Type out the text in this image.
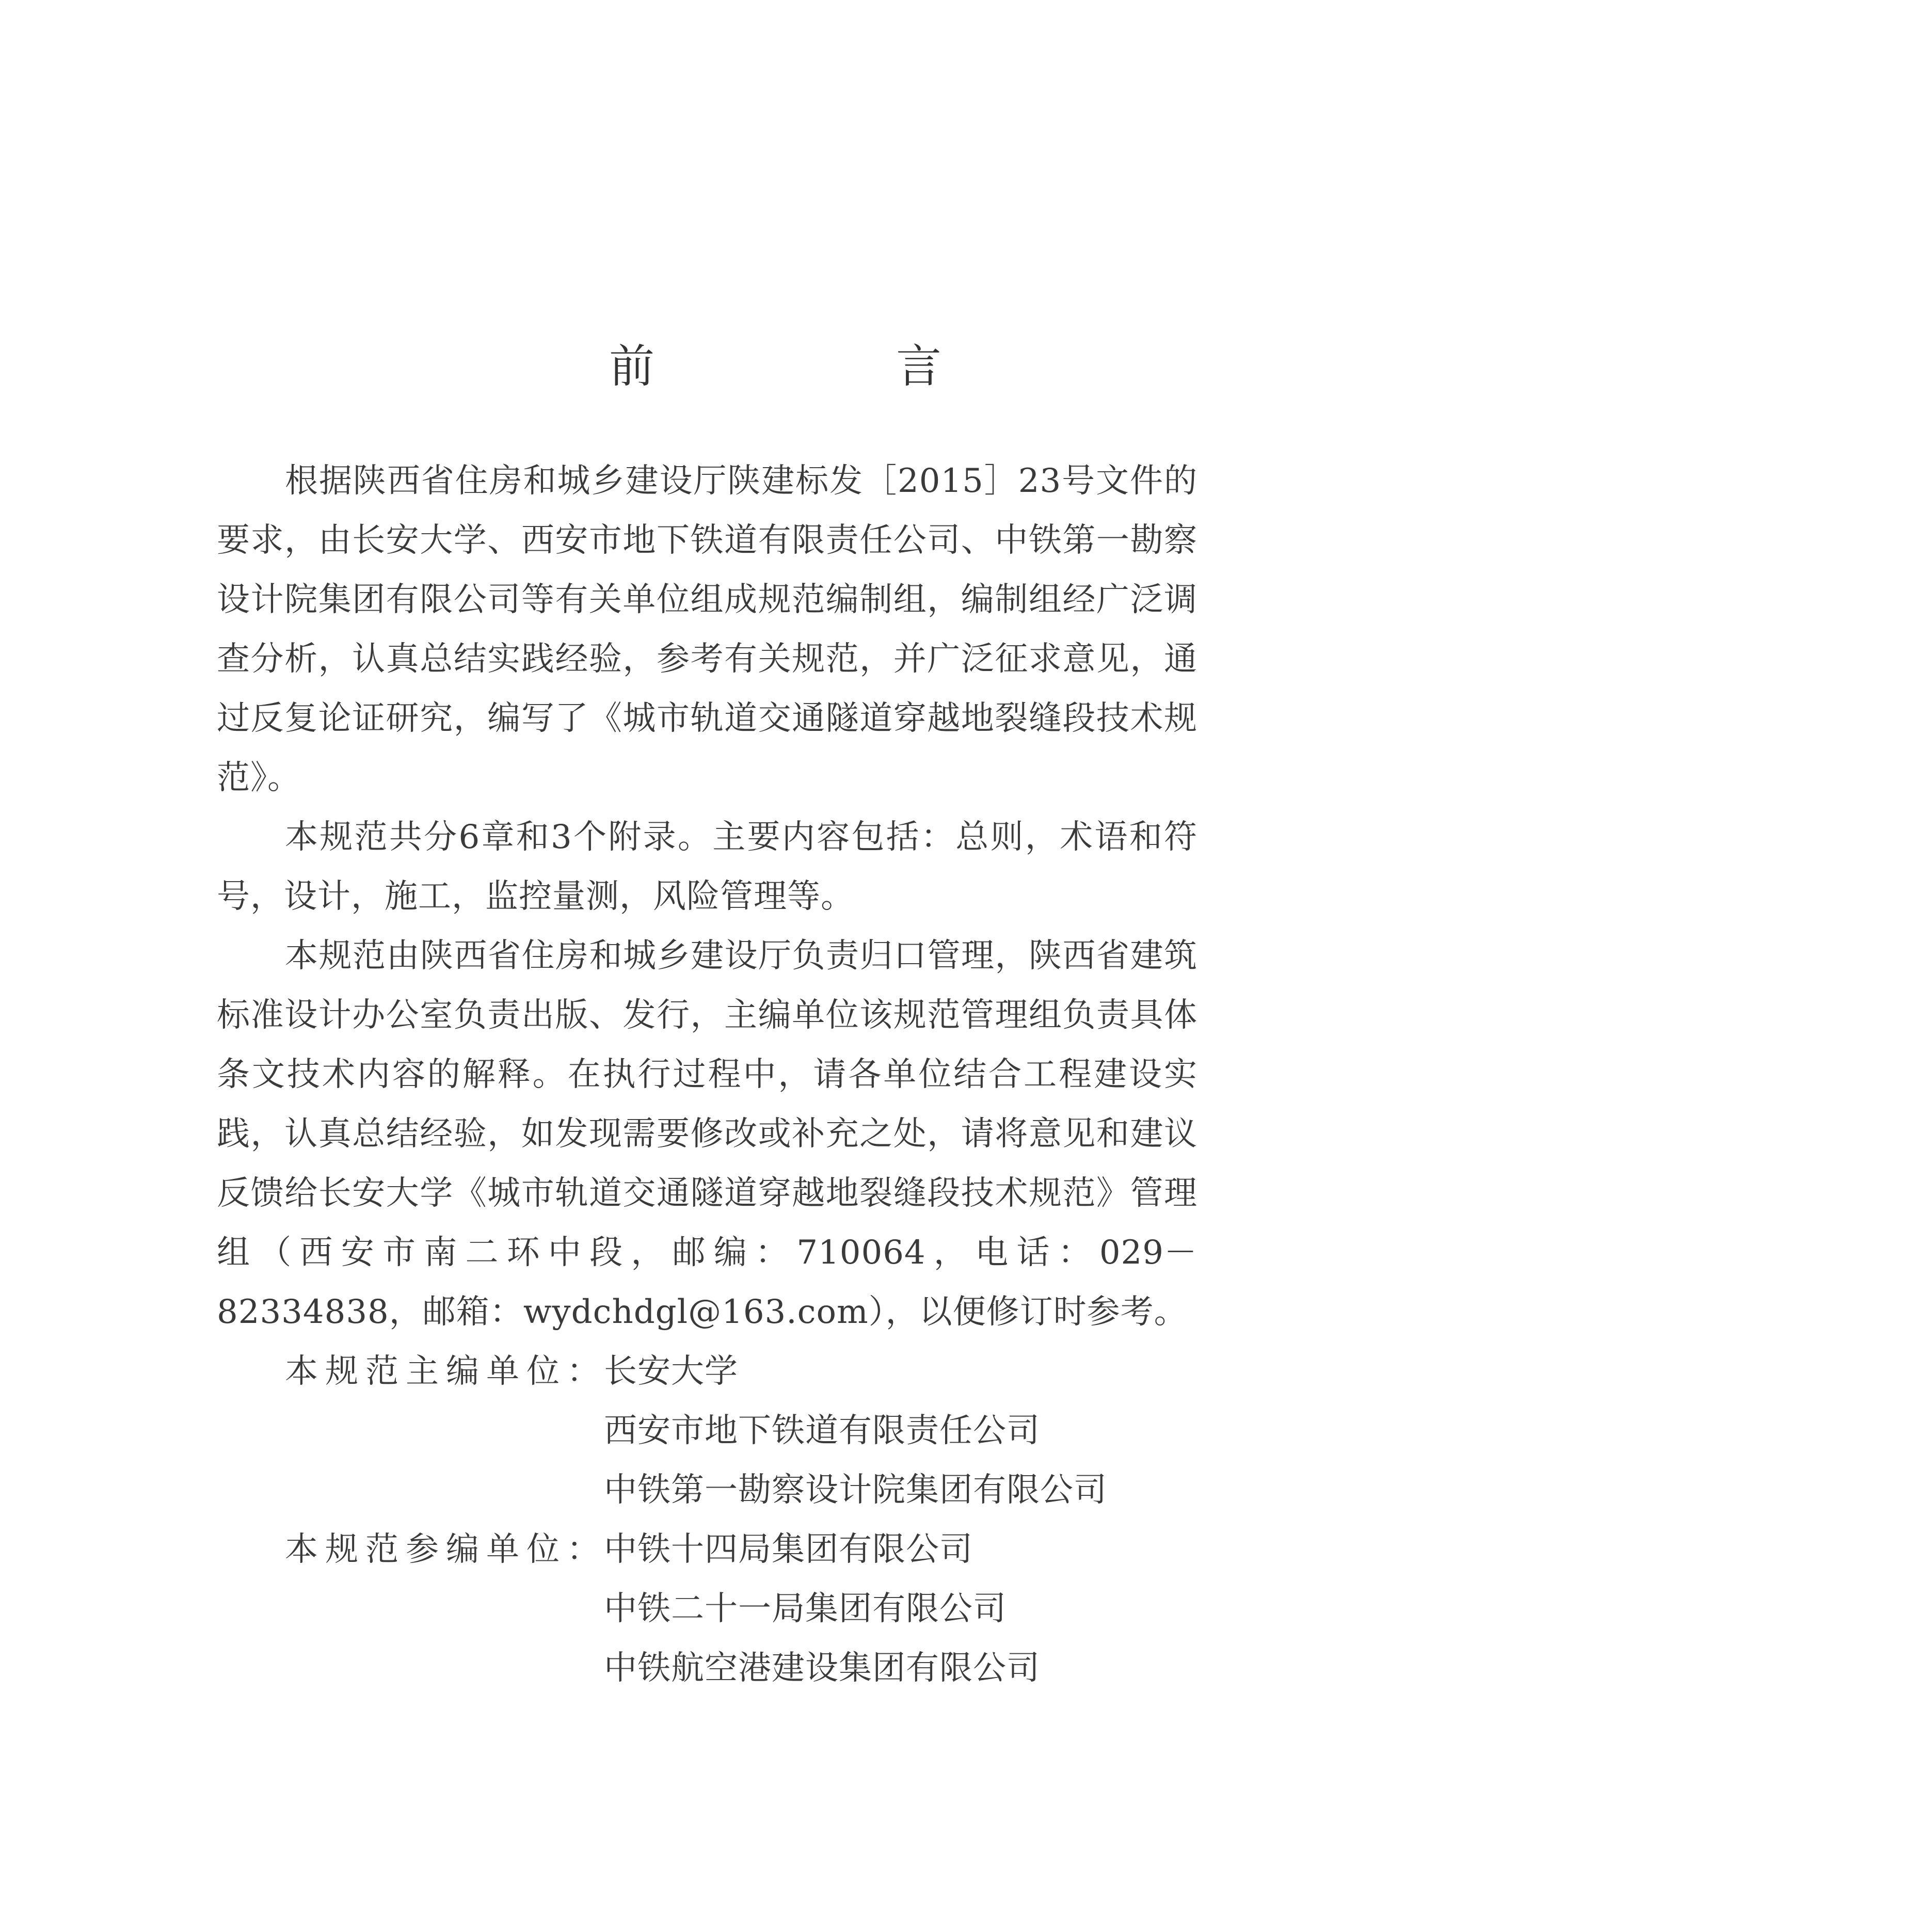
前　言

根据陕西省住房和城乡建设厅陕建标发［2015］23号文件的要求，由长安大学、西安市地下铁道有限责任公司、中铁第一勘察设计院集团有限公司等有关单位组成规范编制组，编制组经广泛调查分析，认真总结实践经验，参考有关规范，并广泛征求意见，通过反复论证研究，编写了《城市轨道交通隧道穿越地裂缝段技术规范》。

本规范共分6章和3个附录。主要内容包括：总则，术语和符号，设计，施工，监控量测，风险管理等。

本规范由陕西省住房和城乡建设厅负责归口管理，陕西省建筑标准设计办公室负责出版、发行，主编单位该规范管理组负责具体条文技术内容的解释。在执行过程中，请各单位结合工程建设实践，认真总结经验，如发现需要修改或补充之处，请将意见和建议反馈给长安大学《城市轨道交通隧道穿越地裂缝段技术规范》管理组（西安市南二环中段，邮编：710064，电话：029－82334838，邮箱：wydchdgl@163.com），以便修订时参考。

本规范主编单位：
长安大学
西安市地下铁道有限责任公司
中铁第一勘察设计院集团有限公司
本规范参编单位：
中铁十四局集团有限公司
中铁二十一局集团有限公司
中铁航空港建设集团有限公司
